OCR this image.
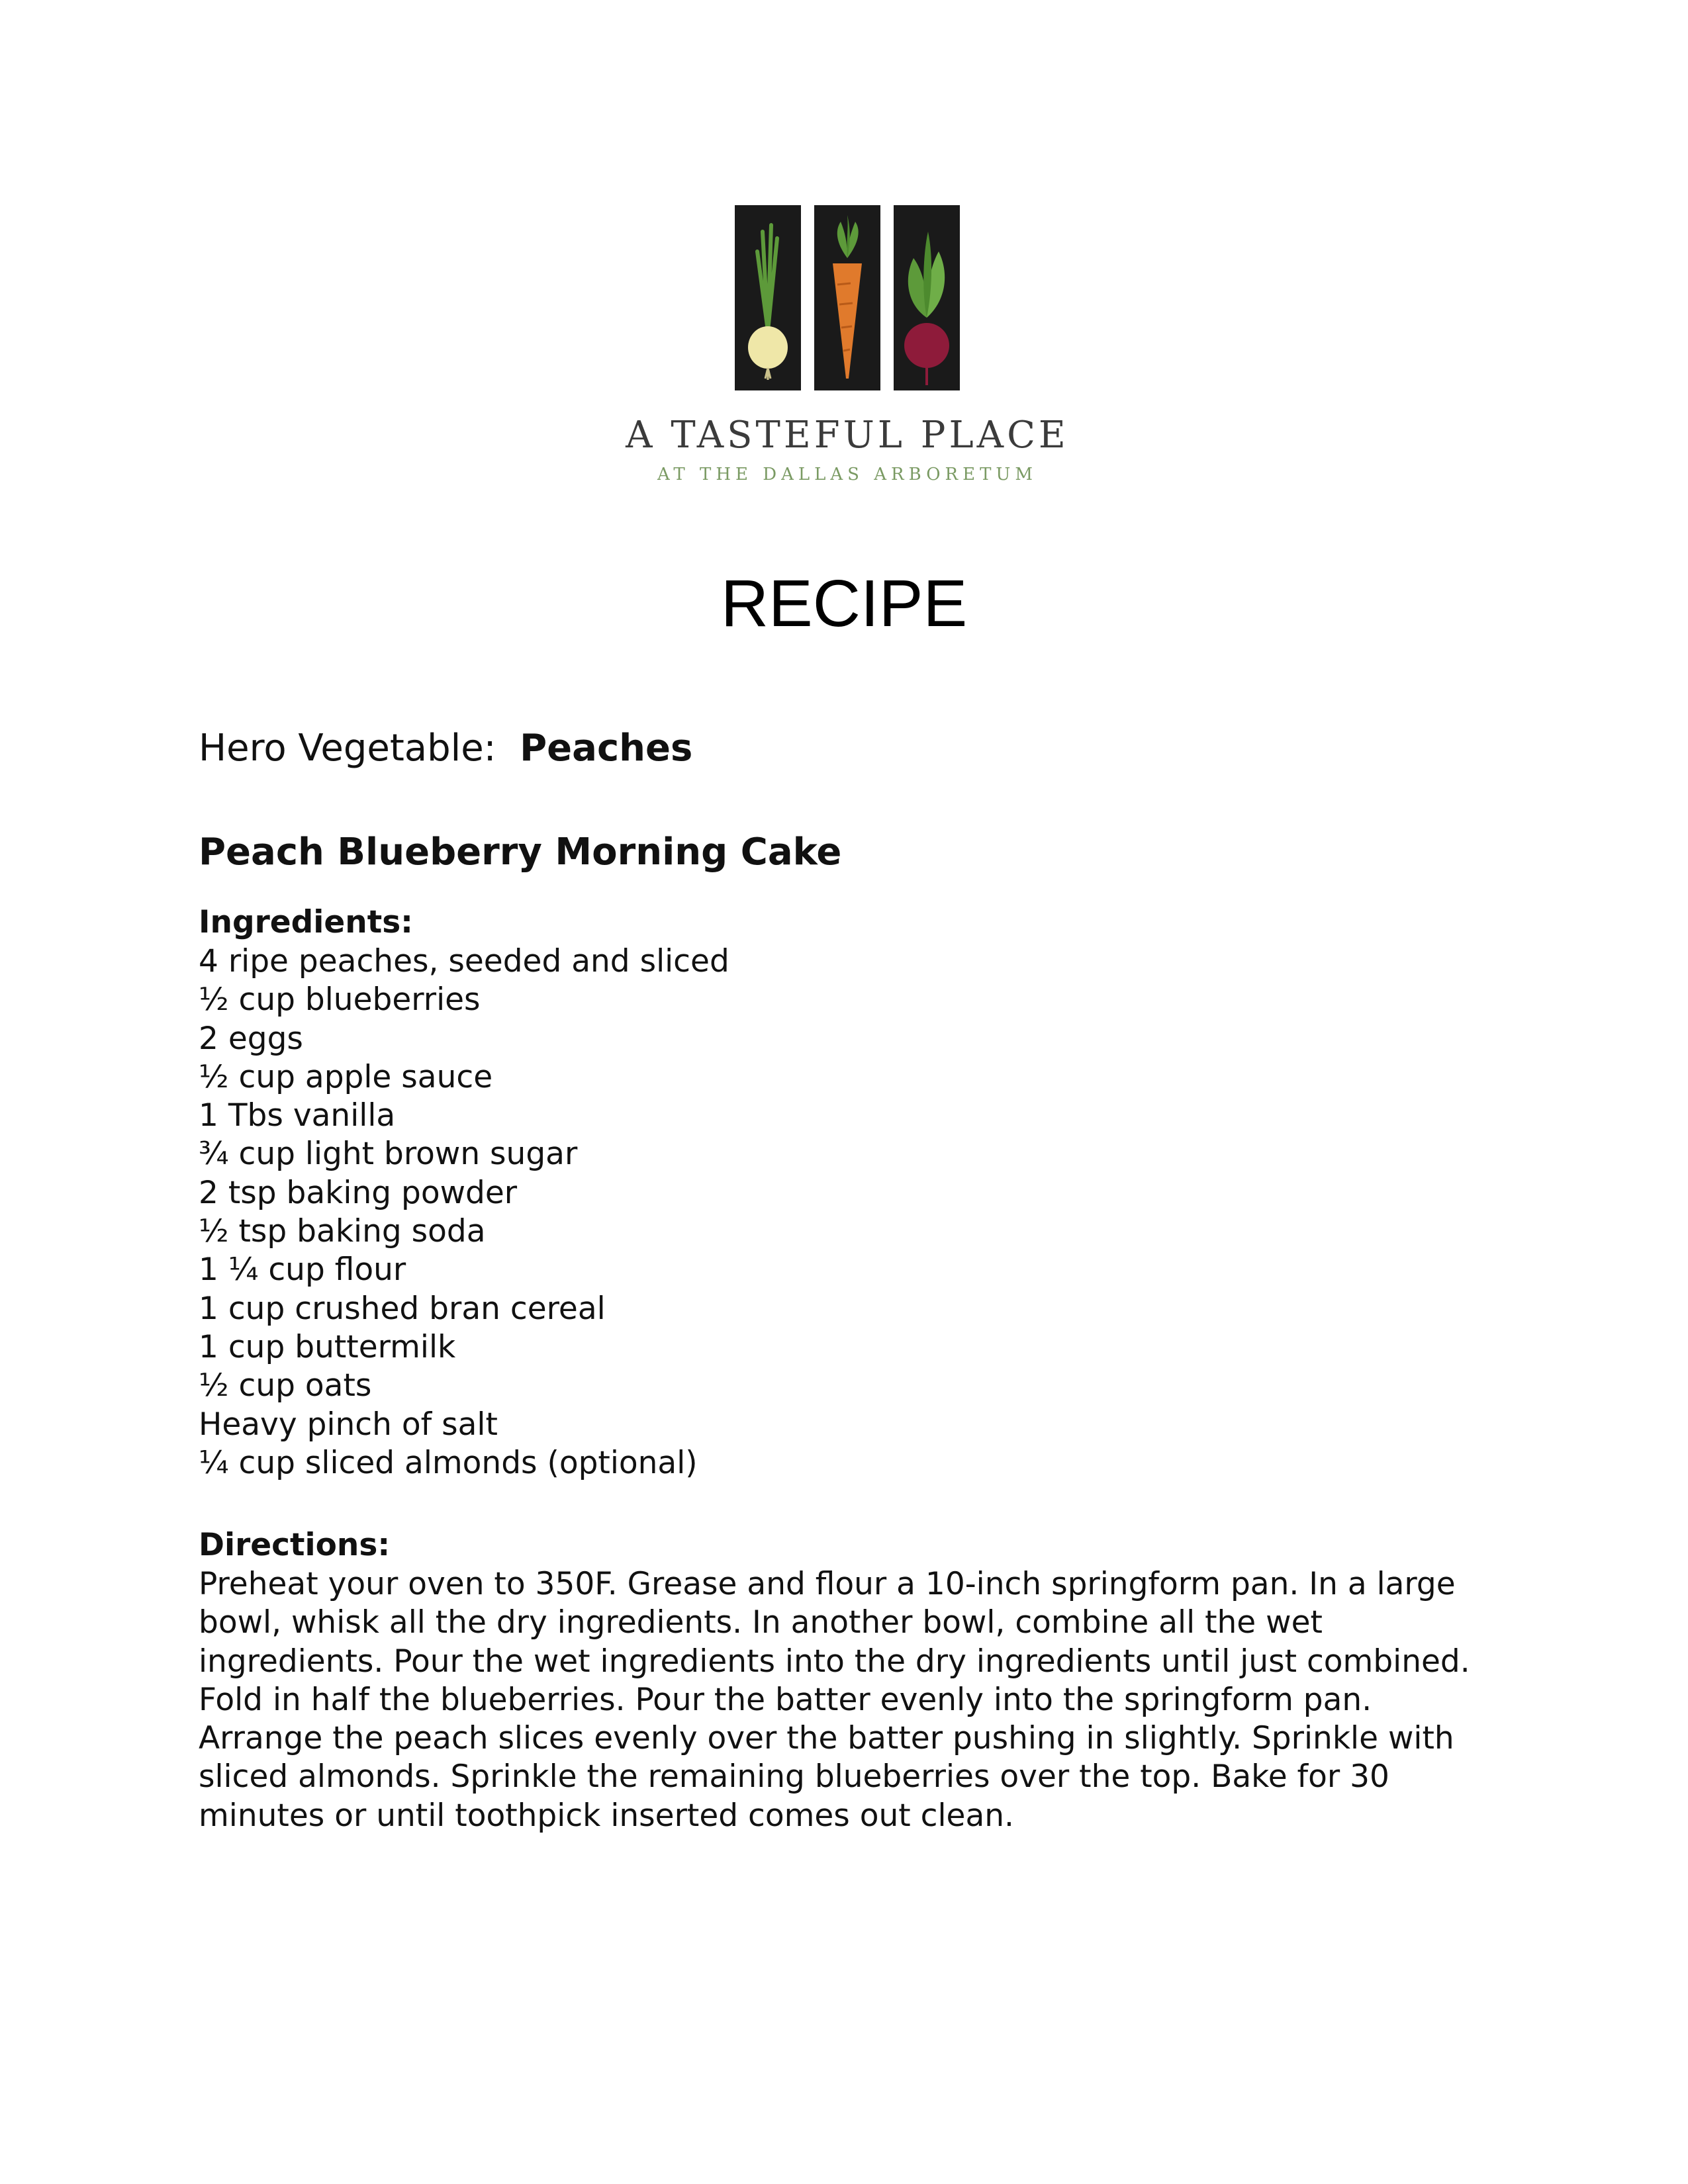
A TASTEFUL PLACE
AT THE DALLAS ARBORETUM
RECIPE
Hero Vegetable: Peaches
Peach Blueberry Morning Cake
Ingredients:
4 ripe peaches, seeded and sliced
½ cup blueberries
2 eggs
½ cup apple sauce
1 Tbs vanilla
¾ cup light brown sugar
2 tsp baking powder
½ tsp baking soda
1 ¼ cup flour
1 cup crushed bran cereal
1 cup buttermilk
½ cup oats
Heavy pinch of salt
¼ cup sliced almonds (optional)
Directions:

Preheat your oven to 350F. Grease and flour a 10-inch springform pan. In a large bowl, whisk all the dry ingredients. In another bowl, combine all the wet ingredients. Pour the wet ingredients into the dry ingredients until just combined. Fold in half the blueberries. Pour the batter evenly into the springform pan. Arrange the peach slices evenly over the batter pushing in slightly. Sprinkle with sliced almonds. Sprinkle the remaining blueberries over the top. Bake for 30 minutes or until toothpick inserted comes out clean.
